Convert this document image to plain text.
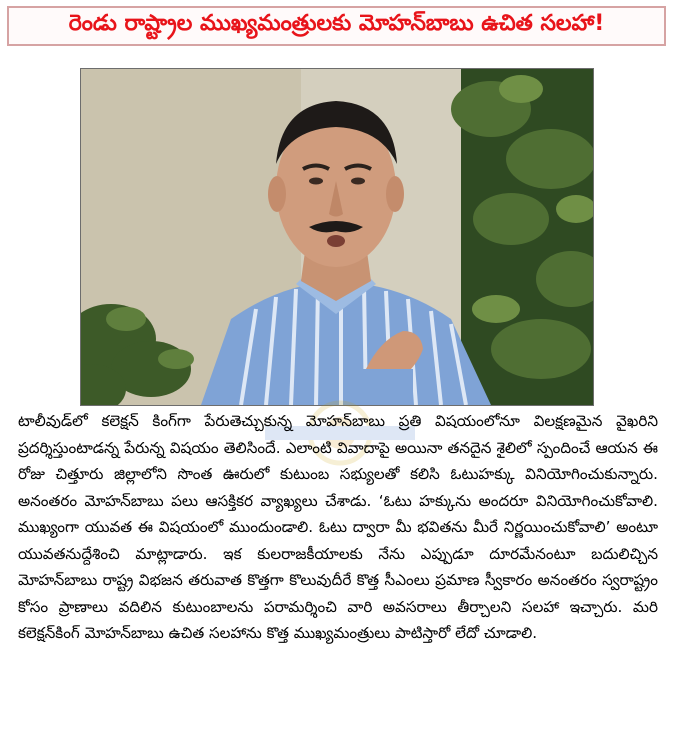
రెండు రాష్ట్రాల ముఖ్యమంత్రులకు మోహన్‌బాబు ఉచిత సలహా!

టాలీవుడ్‌లో కలెక్షన్ కింగ్‌గా పేరుతెచ్చుకున్న మోహన్‌బాబు ప్రతి విషయంలోనూ విలక్షణమైన వైఖరిని ప్రదర్శిస్తుంటాడన్న పేరున్న విషయం తెలిసిందే. ఎలాంటి వివాదాపై అయినా తనదైన శైలిలో స్పందించే ఆయన ఈ రోజు చిత్తూరు జిల్లాలోని సొంత ఊరులో కుటుంబ సభ్యులతో కలిసి ఓటుహక్కు వినియోగించుకున్నారు. అనంతరం మోహన్‌బాబు పలు ఆసక్తికర వ్యాఖ్యలు చేశాడు. ‘ఓటు హక్కును అందరూ వినియోగించుకోవాలి. ముఖ్యంగా యువత ఈ విషయంలో ముందుండాలి. ఓటు ద్వారా మీ భవితను మీరే నిర్ణయించుకోవాలి’ అంటూ యువతనుద్దేశించి మాట్లాడారు. ఇక కులరాజకీయాలకు నేను ఎప్పుడూ దూరమేనంటూ బదులిచ్చిన మోహన్‌బాబు రాష్ట్ర విభజన తరువాత కొత్తగా కొలువుదీరే కొత్త సీఎంలు ప్రమాణ స్వీకారం అనంతరం స్వరాష్ట్రం కోసం ప్రాణాలు వదిలిన కుటుంబాలను పరామర్శించి వారి అవసరాలు తీర్చాలని సలహా ఇచ్చారు. మరి కలెక్షన్‌కింగ్ మోహన్‌బాబు ఉచిత సలహాను కొత్త ముఖ్యమంత్రులు పాటిస్తారో లేదో చూడాలి.
